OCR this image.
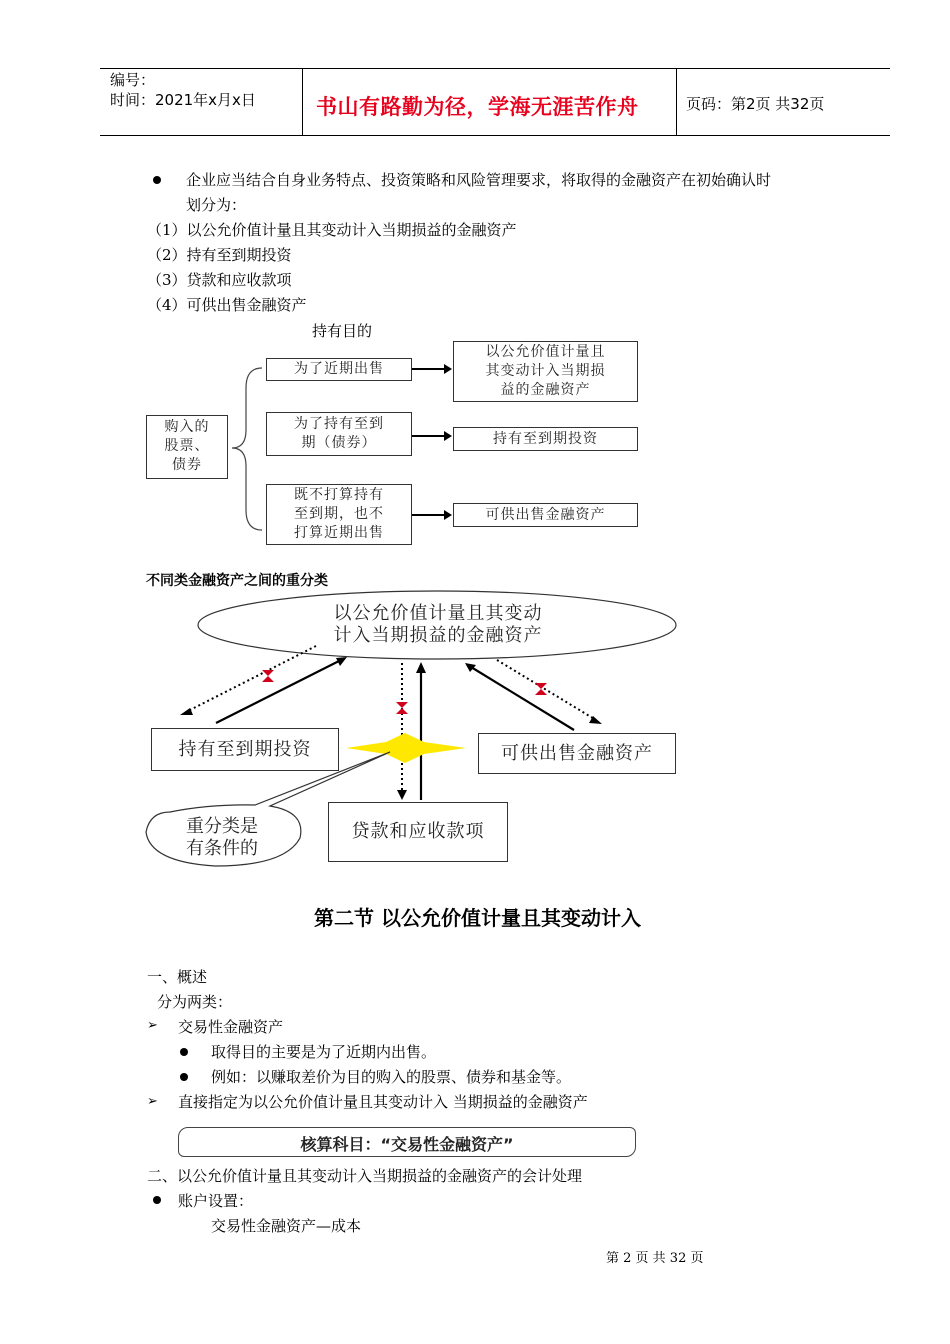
编号：
时间：2021年x月x日	书山有路勤为径，学海无涯苦作舟	页码：第2页 共32页
企业应当结合自身业务特点、投资策略和风险管理要求，将取得的金融资产在初始确认时
划分为：
（1）以公允价值计量且其变动计入当期损益的金融资产
（2）持有至到期投资
（3）贷款和应收款项
（4）可供出售金融资产
持有目的
购入的
股票、
债券
为了近期出售
为了持有至到
期（债券）
既不打算持有
至到期，也不
打算近期出售
以公允价值计量且
其变动计入当期损
益的金融资产
持有至到期投资
可供出售金融资产
不同类金融资产之间的重分类
持有至到期投资	可供出售金融资产
贷款和应收款项
以公允价值计量且其变动
计入当期损益的金融资产
重分类是
有条件的
第二节 以公允价值计量且其变动计入
一、概述
分为两类：
➢ 交易性金融资产
取得目的主要是为了近期内出售。
例如：以赚取差价为目的购入的股票、债券和基金等。
➢ 直接指定为以公允价值计量且其变动计入 当期损益的金融资产
核算科目：“交易性金融资产”
二、以公允价值计量且其变动计入当期损益的金融资产的会计处理
账户设置：
交易性金融资产—成本
第 2 页 共 32 页
